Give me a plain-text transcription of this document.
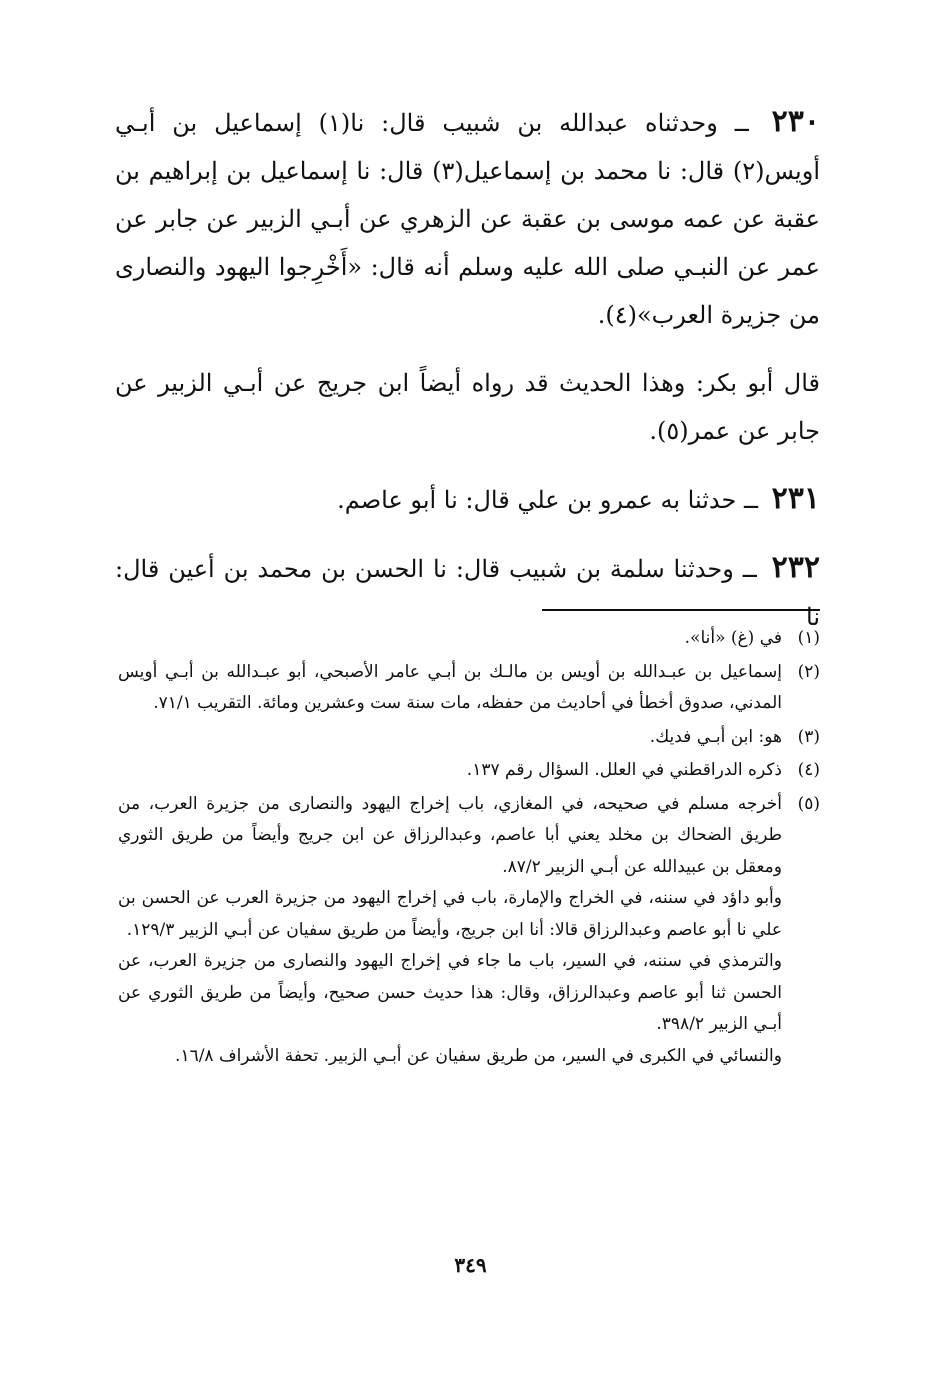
٢٣٠ ــ وحدثناه عبدالله بن شبيب قال: نا(١) إسماعيل بن أبـي أويس(٢) قال: نا محمد بن إسماعيل(٣) قال: نا إسماعيل بن إبراهيم بن عقبة عن عمه موسى بن عقبة عن الزهري عن أبـي الزبير عن جابر عن عمر عن النبـي صلى الله عليه وسلم أنه قال: «أَخْرِجوا اليهود والنصارى من جزيرة العرب»(٤).

قال أبو بكر: وهذا الحديث قد رواه أيضاً ابن جريج عن أبـي الزبير عن جابر عن عمر(٥).

٢٣١ ــ حدثنا به عمرو بن علي قال: نا أبو عاصم.

٢٣٢ ــ وحدثنا سلمة بن شبيب قال: نا الحسن بن محمد بن أعين قال: نا

(١)
في (غ) «أنا».
(٢)
إسماعيل بن عبـدالله بن أويس بن مالـك بن أبـي عامر الأصبحي، أبو عبـدالله بن أبـي أويس المدني، صدوق أخطأ في أحاديث من حفظه، مات سنة ست وعشرين ومائة. التقريب ٧١/١.
(٣)
هو: ابن أبـي فديك.
(٤)
ذكره الدراقطني في العلل. السؤال رقم ١٣٧.
(٥)
أخرجه مسلم في صحيحه، في المغازي، باب إخراج اليهود والنصارى من جزيرة العرب، من طريق الضحاك بن مخلد يعني أبا عاصم، وعبدالرزاق عن ابن جريج وأيضاً من طريق الثوري ومعقل بن عبيدالله عن أبـي الزبير ٨٧/٢.
وأبو داؤد في سننه، في الخراج والإمارة، باب في إخراج اليهود من جزيرة العرب عن الحسن بن علي نا أبو عاصم وعبدالرزاق قالا: أنا ابن جريج، وأيضاً من طريق سفيان عن أبـي الزبير ١٢٩/٣.
والترمذي في سننه، في السير، باب ما جاء في إخراج اليهود والنصارى من جزيرة العرب، عن الحسن ثنا أبو عاصم وعبدالرزاق، وقال: هذا حديث حسن صحيح، وأيضاً من طريق الثوري عن أبـي الزبير ٣٩٨/٢.
والنسائي في الكبرى في السير، من طريق سفيان عن أبـي الزبير. تحفة الأشراف ١٦/٨.
٣٤٩
